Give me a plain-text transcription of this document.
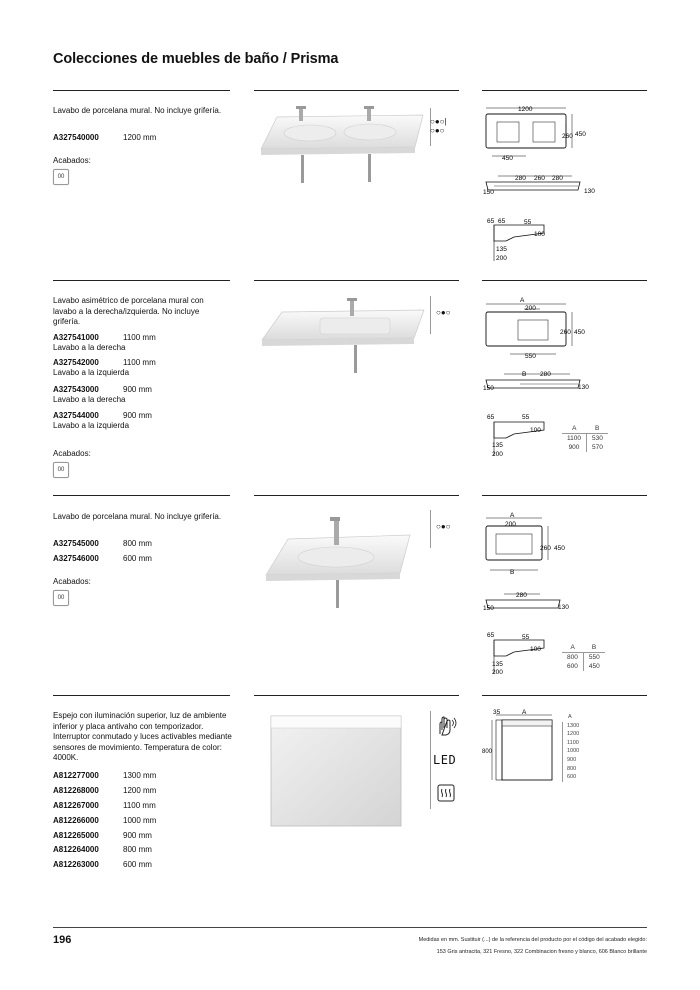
Colecciones de muebles de baño / Prisma
Lavabo de porcelana mural. No incluye grifería.
A327540000	1200 mm
Acabados:
00
○●○|○●○
1200
260 450
450
280 260 280
150	130
65 65	55
100
135
200
Lavabo asimétrico de porcelana mural con lavabo a la derecha/izquierda. No incluye grifería.
A327541000	1100 mm
Lavabo a la derecha
A327542000	1100 mm
Lavabo a la izquierda
A327543000	900 mm
Lavabo a la derecha
A327544000	900 mm
Lavabo a la izquierda
Acabados:
00
○●○
A
200
260 450
550
B 280
150	130
65	55
100
135
200
A	B
1100	530
900	570
Lavabo de porcelana mural. No incluye grifería.
A327545000	800 mm
A327546000	600 mm
Acabados:
00
○●○
A
200
260 450
B
280
150	130
65	55
100
135
200
A	B
800	550
600	450
Espejo con iluminación superior, luz de ambiente inferior y placa antivaho con temporizador. Interruptor conmutado y luces activables mediante sensores de movimiento. Temperatura de color: 4000K.
A812277000	1300 mm
A812268000	1200 mm
A812267000	1100 mm
A812266000	1000 mm
A812265000	900 mm
A812264000	800 mm
A812263000	600 mm
LED
35	A
800
A
1300
1200
1100
1000
900
800
600
196	Medidas en mm. Sustituir (...) de la referencia del producto por el código del acabado elegido:
153 Gris antracita, 321 Fresno, 322 Combinacion fresno y blanco, 606 Blanco brillante
